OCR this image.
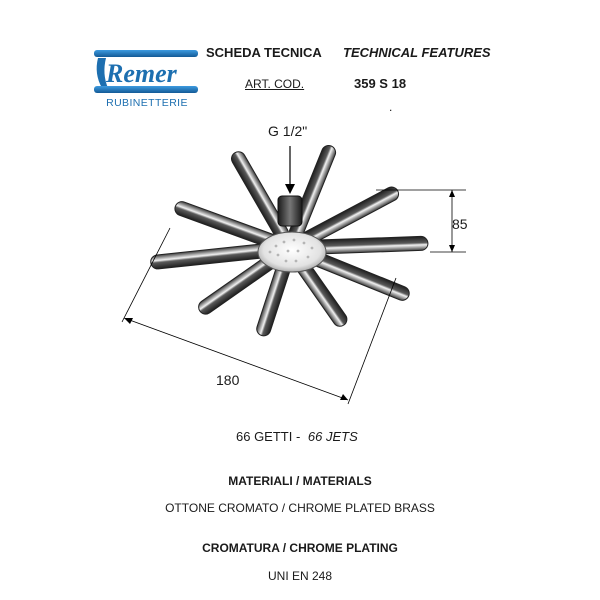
Remer
RUBINETTERIE
SCHEDA TECNICA TECHNICAL FEATURES
ART. COD.	359 S 18
.
G 1/2"
85
180
66 GETTI - 66 JETS
MATERIALI / MATERIALS
OTTONE CROMATO / CHROME PLATED BRASS
CROMATURA / CHROME PLATING
UNI EN 248
